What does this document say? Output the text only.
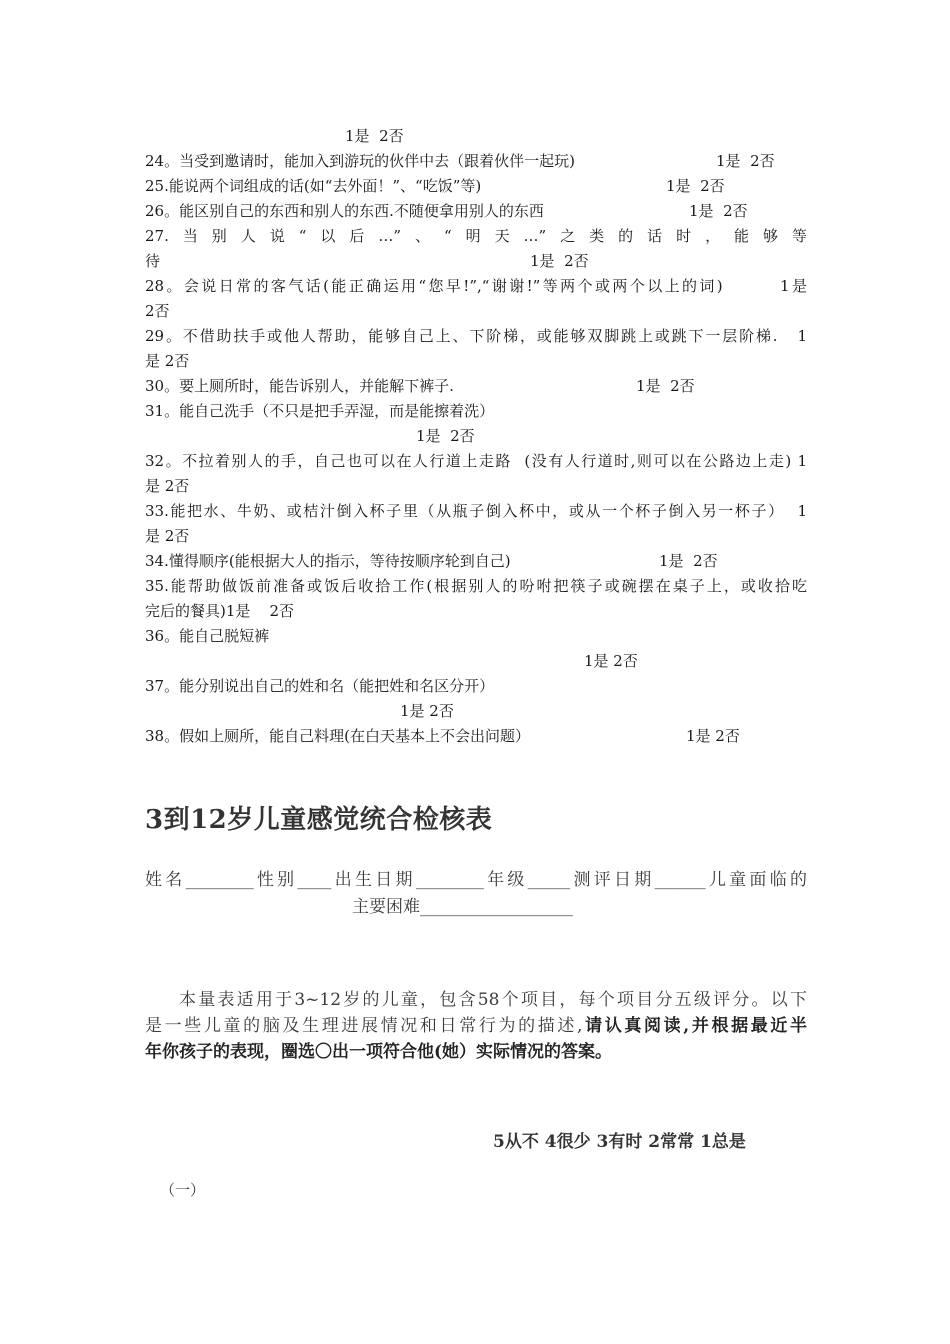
1是  2否
24。当受到邀请时，能加入到游玩的伙伴中去（跟着伙伴一起玩)	1是  2否
25.能说两个词组成的话(如“去外面！”、“吃饭”等)	1是  2否
26。能区别自己的东西和别人的东西.不随便拿用别人的东西	1是  2否
27.当别人说“以后…”、“明天…”之类的话时，能够等
待	1是  2否
28。会说日常的客气话(能正确运用“您早!”,“谢谢!”等两个或两个以上的词)        1是
2否
29。不借助扶手或他人帮助，能够自己上、下阶梯，或能够双脚跳上或跳下一层阶梯.   1
是 2否
30。要上厕所时，能告诉别人，并能解下裤子.	1是  2否
31。能自己洗手（不只是把手弄湿，而是能擦着洗）
1是  2否
32。不拉着别人的手，自己也可以在人行道上走路  (没有人行道时,则可以在公路边上走) 1
是 2否
33.能把水、牛奶、或桔汁倒入杯子里（从瓶子倒入杯中，或从一个杯子倒入另一杯子）  1
是 2否
34.懂得顺序(能根据大人的指示，等待按顺序轮到自己)	1是  2否
35.能帮助做饭前准备或饭后收拾工作(根据别人的吩咐把筷子或碗摆在桌子上，或收拾吃
完后的餐具)1是    2否
36。能自己脱短裤
1是 2否
37。能分别说出自己的姓和名（能把姓和名区分开）
1是 2否
38。假如上厕所，能自己料理(在白天基本上不会出问题）	1是 2否
3到12岁儿童感觉统合检核表
姓名________性别____出生日期________年级_____测评日期______儿童面临的
主要困难__________________
本量表适用于3~12岁的儿童，包含58个项目，每个项目分五级评分。以下
是一些儿童的脑及生理进展情况和日常行为的描述,请认真阅读,并根据最近半
年你孩子的表现，圈选〇出一项符合他(她）实际情况的答案。
5从不 4很少 3有时 2常常 1总是
（一）
